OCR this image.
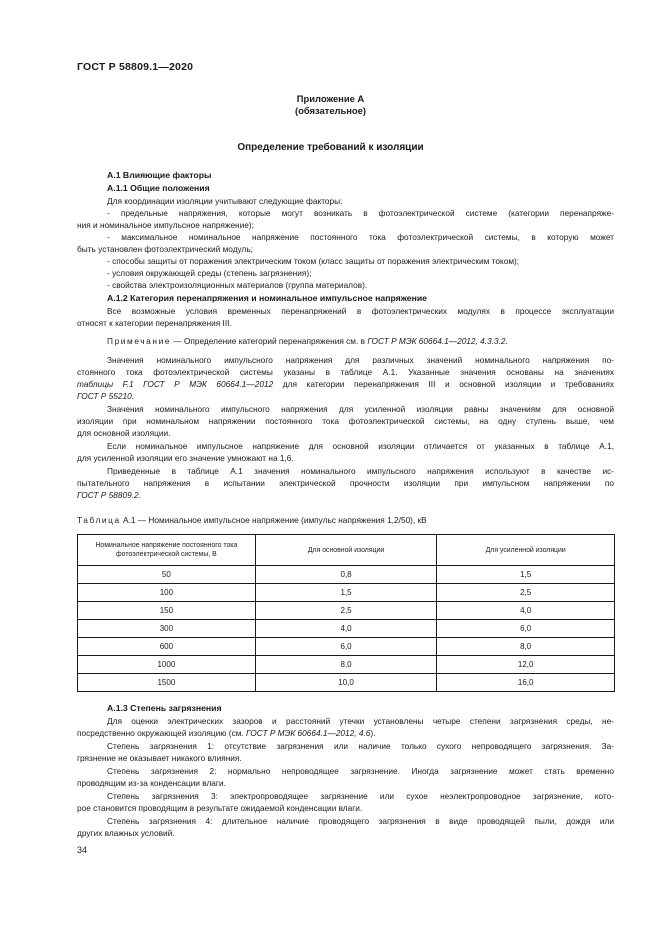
ГОСТ Р 58809.1—2020
Приложение А
(обязательное)
Определение требований к изоляции
А.1 Влияющие факторы
А.1.1 Общие положения
Для координации изоляции учитывают следующие факторы:
- предельные напряжения, которые могут возникать в фотоэлектрической системе (категории перенапряже-
ния и номинальное импульсное напряжение);
- максимальное номинальное напряжение постоянного тока фотоэлектрической системы, в которую может
быть установлен фотоэлектрический модуль;
- способы защиты от поражения электрическим током (класс защиты от поражения электрическим током);
- условия окружающей среды (степень загрязнения);
- свойства электроизоляционных материалов (группа материалов).
А.1.2 Категория перенапряжения и номинальное импульсное напряжение
Все возможные условия временных перенапряжений в фотоэлектрических модулях в процессе эксплуатации
относят к категории перенапряжения III.
Примечание — Определение категорий перенапряжения см. в ГОСТ Р МЭК 60664.1—2012, 4.3.3.2.
Значения номинального импульсного напряжения для различных значений номинального напряжения по-
стоянного тока фотоэлектрической системы указаны в таблице А.1. Указанные значения основаны на значениях
таблицы F.1 ГОСТ Р МЭК 60664.1—2012 для категории перенапряжения III и основной изоляции и требованиях
ГОСТ Р 55210.
Значения номинального импульсного напряжения для усиленной изоляции равны значениям для основной
изоляции при номинальном напряжении постоянного тока фотоэлектрической системы, на одну ступень выше, чем
для основной изоляции.
Если номинальное импульсное напряжение для основной изоляции отличается от указанных в таблице А.1,
для усиленной изоляции его значение умножают на 1,6.
Приведенные в таблице А.1 значения номинального импульсного напряжения используют в качестве ис-
пытательного напряжения в испытании электрической прочности изоляции при импульсном напряжении по
ГОСТ Р 58809.2.
Таблица А.1 — Номинальное импульсное напряжение (импульс напряжения 1,2/50), кВ
Номинальное напряжение постоянного тока фотоэлектрической системы, В	Для основной изоляции	Для усиленной изоляции
50	0,8	1,5
100	1,5	2,5
150	2,5	4,0
300	4,0	6,0
600	6,0	8,0
1000	8,0	12,0
1500	10,0	16,0
А.1.3 Степень загрязнения
Для оценки электрических зазоров и расстояний утечки установлены четыре степени загрязнения среды, не-
посредственно окружающей изоляцию (см. ГОСТ Р МЭК 60664.1—2012, 4.6).
Степень загрязнения 1: отсутствие загрязнения или наличие только сухого непроводящего загрязнения. За-
грязнение не оказывает никакого влияния.
Степень загрязнения 2: нормально непроводящее загрязнение. Иногда загрязнение может стать временно
проводящим из-за конденсации влаги.
Степень загрязнения 3: электропроводящее загрязнение или сухое неэлектропроводное загрязнение, кото-
рое становится проводящим в результате ожидаемой конденсации влаги.
Степень загрязнения 4: длительное наличие проводящего загрязнения в виде проводящей пыли, дождя или
других влажных условий.
34
